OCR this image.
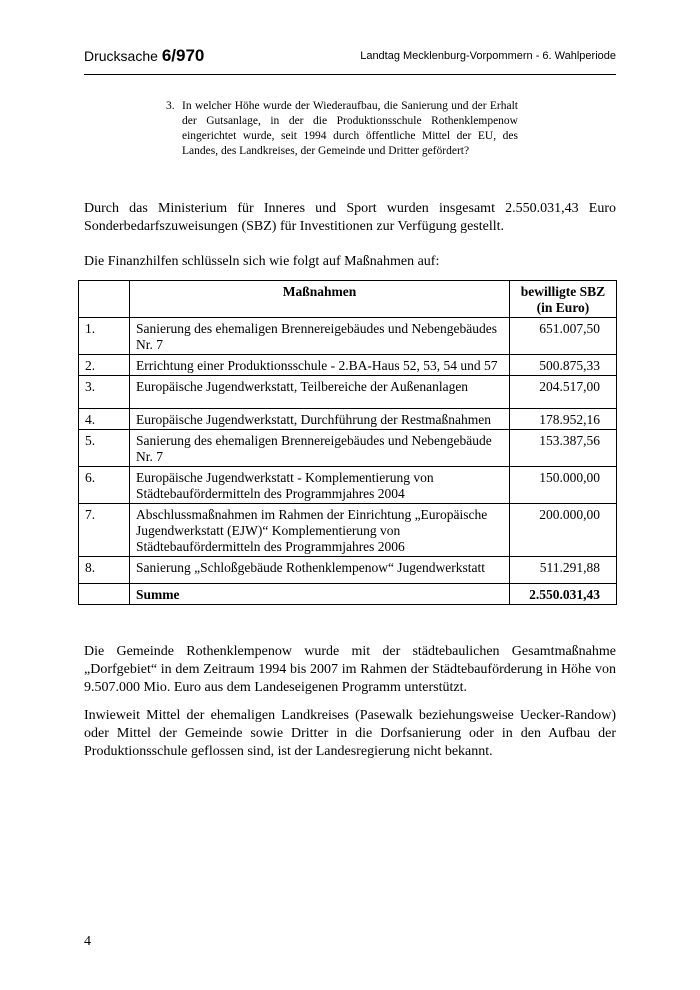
Drucksache 6/970	Landtag Mecklenburg-Vorpommern - 6. Wahlperiode
3. In welcher Höhe wurde der Wiederaufbau, die Sanierung und der Erhalt der Gutsanlage, in der die Produktionsschule Rothenklempenow eingerichtet wurde, seit 1994 durch öffentliche Mittel der EU, des Landes, des Landkreises, der Gemeinde und Dritter gefördert?
Durch das Ministerium für Inneres und Sport wurden insgesamt 2.550.031,43 Euro Sonderbedarfszuweisungen (SBZ) für Investitionen zur Verfügung gestellt.
Die Finanzhilfen schlüsseln sich wie folgt auf Maßnahmen auf:
	Maßnahmen	bewilligte SBZ (in Euro)
1.	Sanierung des ehemaligen Brennereigebäudes und Nebengebäudes Nr. 7	651.007,50
2.	Errichtung einer Produktionsschule - 2.BA-Haus 52, 53, 54 und 57	500.875,33
3.	Europäische Jugendwerkstatt, Teilbereiche der Außenanlagen	204.517,00
4.	Europäische Jugendwerkstatt, Durchführung der Restmaßnahmen	178.952,16
5.	Sanierung des ehemaligen Brennereigebäudes und Nebengebäude Nr. 7	153.387,56
6.	Europäische Jugendwerkstatt - Komplementierung von Städtebaufördermitteln des Programmjahres 2004	150.000,00
7.	Abschlussmaßnahmen im Rahmen der Einrichtung „Europäische Jugendwerkstatt (EJW)“ Komplementierung von Städtebaufördermitteln des Programmjahres 2006	200.000,00
8.	Sanierung „Schloßgebäude Rothenklempenow“ Jugendwerkstatt	511.291,88
	Summe	2.550.031,43
Die Gemeinde Rothenklempenow wurde mit der städtebaulichen Gesamtmaßnahme „Dorfgebiet“ in dem Zeitraum 1994 bis 2007 im Rahmen der Städtebauförderung in Höhe von 9.507.000 Mio. Euro aus dem Landeseigenen Programm unterstützt.
Inwieweit Mittel der ehemaligen Landkreises (Pasewalk beziehungsweise Uecker-Randow) oder Mittel der Gemeinde sowie Dritter in die Dorfsanierung oder in den Aufbau der Produktionsschule geflossen sind, ist der Landesregierung nicht bekannt.
4
